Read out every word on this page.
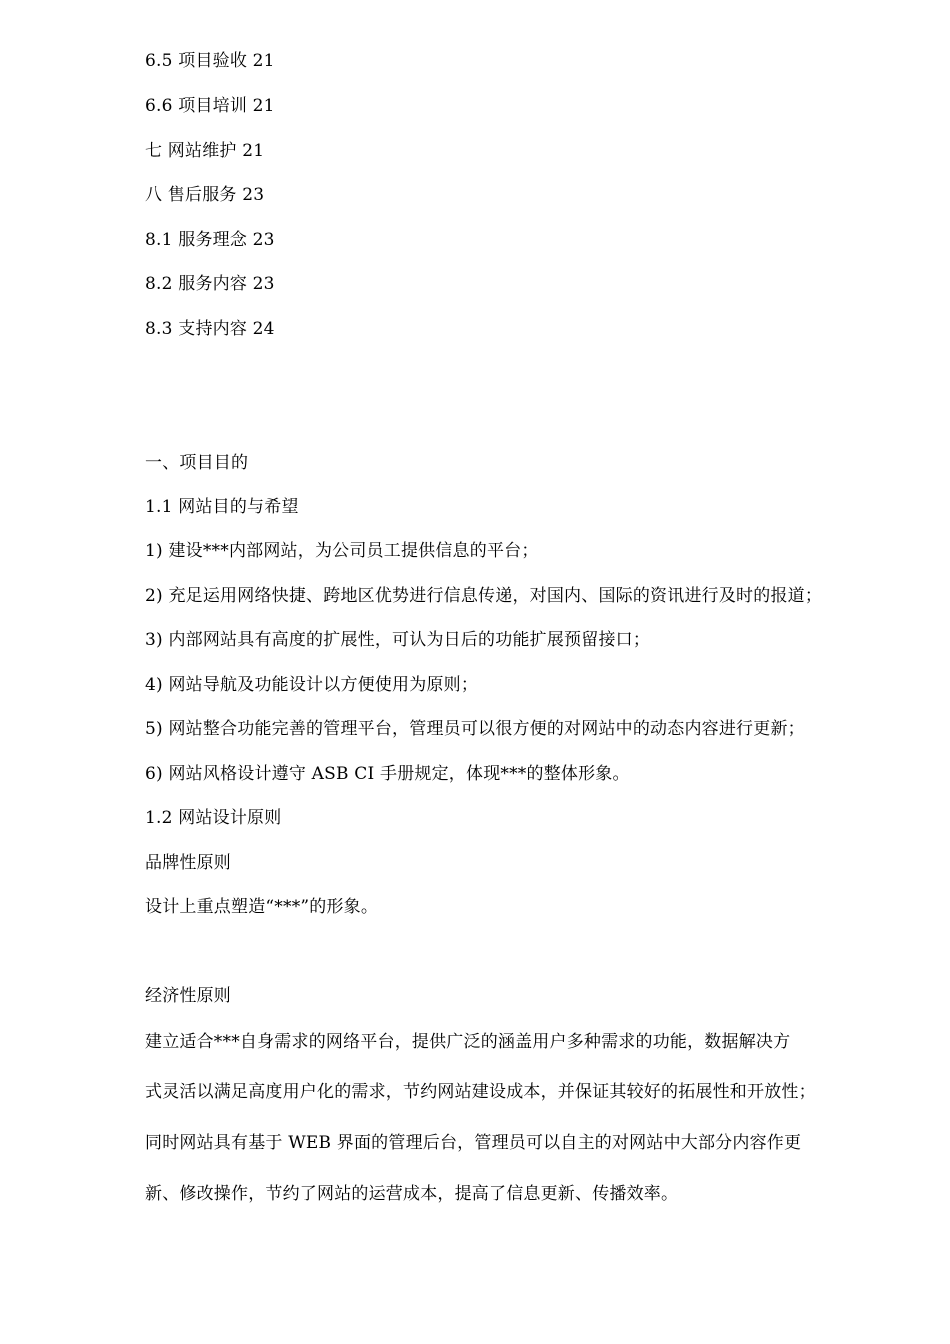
6.5 项目验收 21
6.6 项目培训 21
七 网站维护 21
八 售后服务 23
8.1 服务理念 23
8.2 服务内容 23
8.3 支持内容 24
一、项目目的
1.1 网站目的与希望
1) 建设***内部网站，为公司员工提供信息的平台；
2) 充足运用网络快捷、跨地区优势进行信息传递，对国内、国际的资讯进行及时的报道；
3) 内部网站具有高度的扩展性，可认为日后的功能扩展预留接口；
4) 网站导航及功能设计以方便使用为原则；
5) 网站整合功能完善的管理平台，管理员可以很方便的对网站中的动态内容进行更新；
6) 网站风格设计遵守 ASB CI 手册规定，体现***的整体形象。
1.2 网站设计原则
品牌性原则
设计上重点塑造“***”的形象。
经济性原则
建立适合***自身需求的网络平台，提供广泛的涵盖用户多种需求的功能，数据解决方
式灵活以满足高度用户化的需求，节约网站建设成本，并保证其较好的拓展性和开放性；
同时网站具有基于 WEB 界面的管理后台，管理员可以自主的对网站中大部分内容作更
新、修改操作，节约了网站的运营成本，提高了信息更新、传播效率。
